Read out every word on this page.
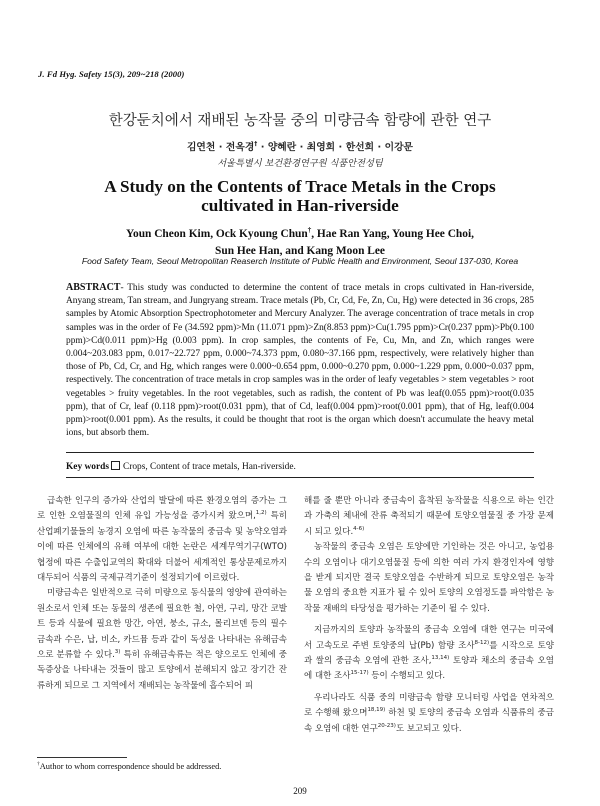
J. Fd Hyg. Safety 15(3), 209~218 (2000)
한강둔치에서 재배된 농작물 중의 미량금속 함량에 관한 연구
김연천 · 전옥경† · 양혜란 · 최영희 · 한선희 · 이강문
서울특별시 보건환경연구원 식품안전성팀
A Study on the Contents of Trace Metals in the Crops
cultivated in Han-riverside
Youn Cheon Kim, Ock Kyoung Chun†, Hae Ran Yang, Young Hee Choi,
Sun Hee Han, and Kang Moon Lee
Food Safety Team, Seoul Metropolitan Reaserch Institute of Public Health and Environment, Seoul 137-030, Korea
ABSTRACT- This study was conducted to determine the content of trace metals in crops cultivated in Han-riverside, Anyang stream, Tan stream, and Jungryang stream. Trace metals (Pb, Cr, Cd, Fe, Zn, Cu, Hg) were detected in 36 crops, 285 samples by Atomic Absorption Spectrophotometer and Mercury Analyzer. The average concentration of trace metals in crop samples was in the order of Fe (34.592 ppm)>Mn (11.071 ppm)>Zn(8.853 ppm)>Cu(1.795 ppm)>Cr(0.237 ppm)>Pb(0.100 ppm)>Cd(0.011 ppm)>Hg (0.003 ppm). In crop samples, the contents of Fe, Cu, Mn, and Zn, which ranges were 0.004~203.083 ppm, 0.017~22.727 ppm, 0.000~74.373 ppm, 0.080~37.166 ppm, respectively, were relatively higher than those of Pb, Cd, Cr, and Hg, which ranges were 0.000~0.654 ppm, 0.000~0.270 ppm, 0.000~1.229 ppm, 0.000~0.037 ppm, respectively. The concentration of trace metals in crop samples was in the order of leafy vegetables > stem vegetables > root vegetables > fruity vegetables. In the root vegetables, such as radish, the content of Pb was leaf(0.055 ppm)>root(0.035 ppm), that of Cr, leaf (0.118 ppm)>root(0.031 ppm), that of Cd, leaf(0.004 ppm)>root(0.001 ppm), that of Hg, leaf(0.004 ppm)>root(0.001 ppm). As the results, it could be thought that root is the organ which doesn't accumulate the heavy metal ions, but absorb them.
Key words Crops, Content of trace metals, Han-riverside.

급속한 인구의 증가와 산업의 발달에 따른 환경오염의 증가는 그로 인한 오염물질의 인체 유입 가능성을 증가시켜 왔으며,$^{1,2)}$ 특히 산업폐기물들의 농경지 오염에 따른 농작물의 중금속 및 농약오염과 이에 따른 인체에의 유해 여부에 대한 논란은 세계무역기구(WTO) 협정에 따른 수출입교역의 확대와 더불어 세계적인 통상문제로까지 대두되어 식품의 국제규격기준이 설정되기에 이르렀다.

미량금속은 일반적으로 극히 미량으로 동식물의 영양에 관여하는 원소로서 인체 또는 동물의 생존에 필요한 철, 아연, 구리, 망간 코발트 등과 식물에 필요한 망간, 아연, 붕소, 규소, 몰리브덴 등의 필수금속과 수은, 납, 비소, 카드뮴 등과 같이 독성을 나타내는 유해금속으로 분류할 수 있다.$^{3)}$ 특히 유해금속류는 적은 양으로도 인체에 중독증상을 나타내는 것들이 많고 토양에서 분해되지 않고 장기간 잔류하게 되므로 그 지역에서 재배되는 농작물에 흡수되어 피

해를 줄 뿐만 아니라 중금속이 흡착된 농작물을 식용으로 하는 인간과 가축의 체내에 잔류 축적되기 때문에 토양오염물질 중 가장 문제시 되고 있다.$^{4-6)}$

농작물의 중금속 오염은 토양에만 기인하는 것은 아니고, 농업용수의 오염이나 대기오염물질 등에 의한 여러 가지 환경인자에 영향을 받게 되지만 결국 토양오염을 수반하게 되므로 토양오염은 농작물 오염의 중요한 지표가 될 수 있어 토양의 오염정도를 파악함은 농작물 재배의 타당성을 평가하는 기준이 될 수 있다.

지금까지의 토양과 농작물의 중금속 오염에 대한 연구는 미국에서 고속도로 주변 토양중의 납(Pb) 함량 조사$^{8-12)}$를 시작으로 토양과 쌀의 중금속 오염에 관한 조사,$^{13,14)}$ 토양과 채소의 중금속 오염에 대한 조사$^{15-17)}$ 등이 수행되고 있다.

우리나라도 식품 중의 미량금속 함량 모니터링 사업을 연차적으로 수행해 왔으며$^{18,19)}$ 하천 및 토양의 중금속 오염과 식품류의 중금속 오염에 대한 연구$^{20-23)}$도 보고되고 있다.

†Author to whom correspondence should be addressed.
209
